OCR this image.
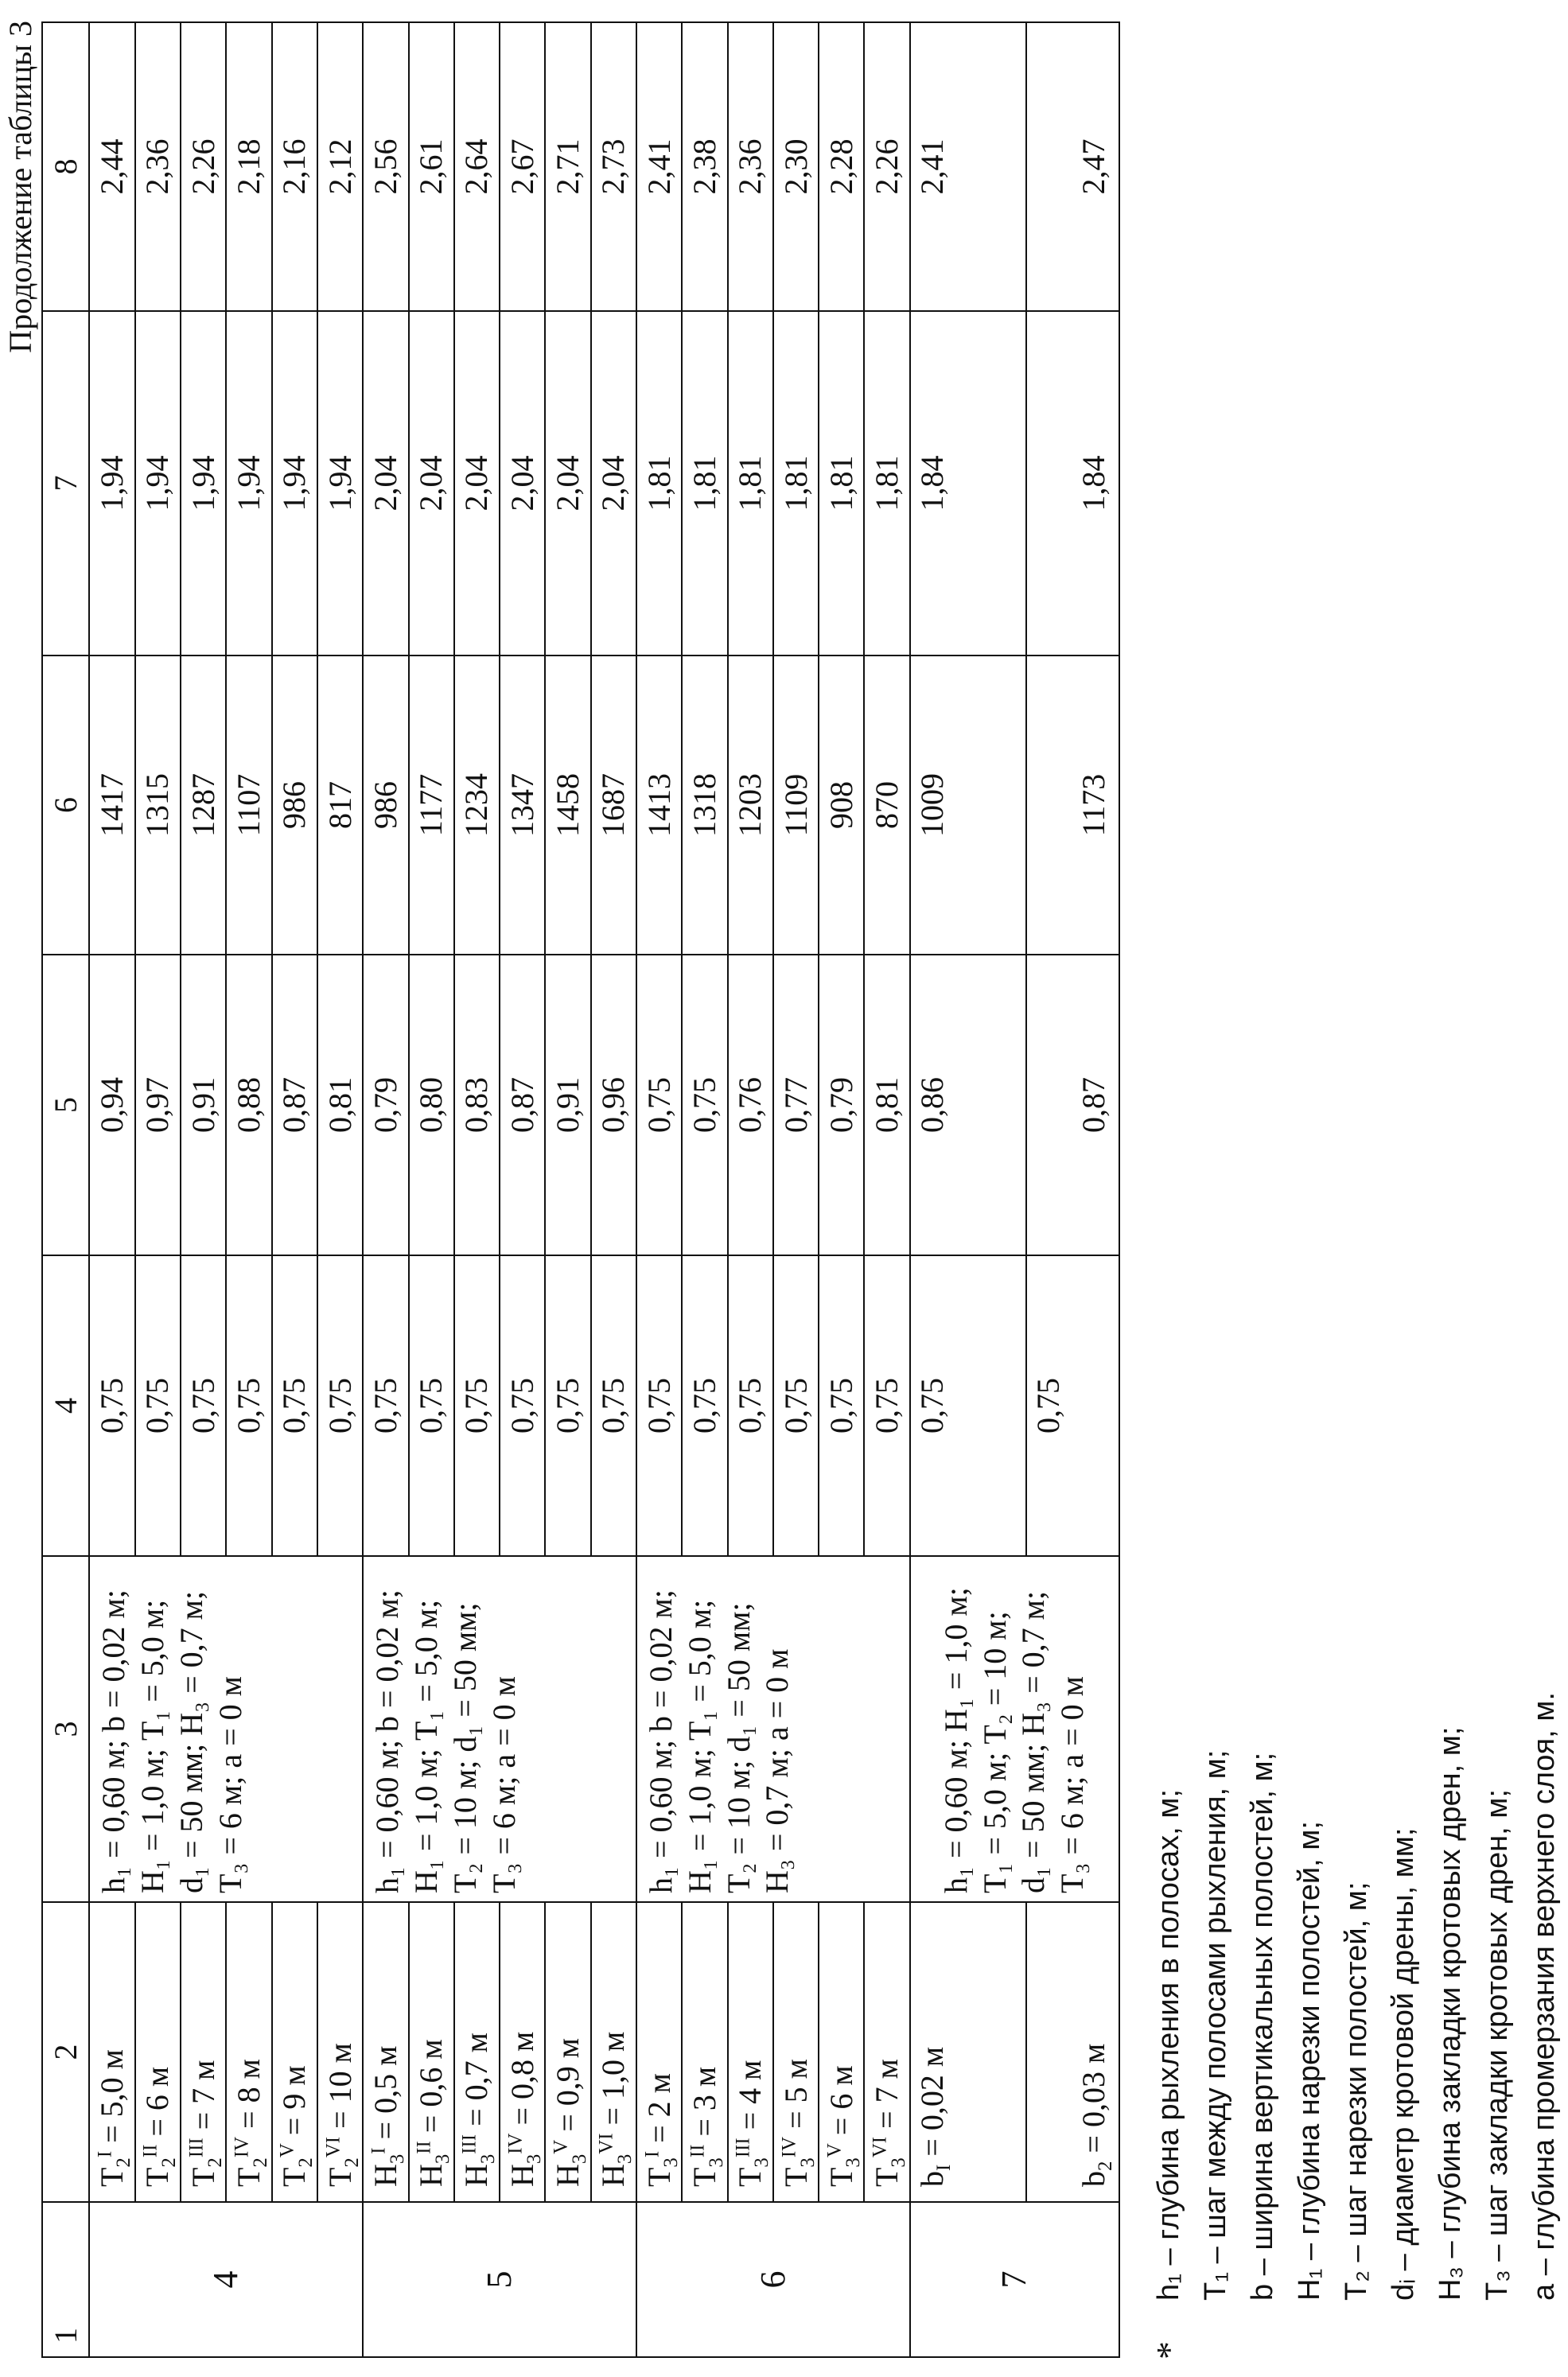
Продолжение таблицы 3
1	2	3	4	5	6	7	8
4	T2I = 5,0 м	
h₁ = 0,60 м; b = 0,02 м; H₁ = 1,0 м; T₁ = 5,0 м; d₁ = 50 мм; H₃ = 0,7 м; T₃ = 6 м; a = 0 м
	0,75	0,94	1417	1,94	2,44
T2II = 6 м	0,75	0,97	1315	1,94	2,36
T2III = 7 м	0,75	0,91	1287	1,94	2,26
T2IV = 8 м	0,75	0,88	1107	1,94	2,18
T2V = 9 м	0,75	0,87	986	1,94	2,16
T2VI = 10 м	0,75	0,81	817	1,94	2,12
5	H3I = 0,5 м	
h₁ = 0,60 м; b = 0,02 м; H₁ = 1,0 м; T₁ = 5,0 м; T₂ = 10 м; d₁ = 50 мм; T₃ = 6 м; a = 0 м
	0,75	0,79	986	2,04	2,56
H3II = 0,6 м	0,75	0,80	1177	2,04	2,61
H3III = 0,7 м	0,75	0,83	1234	2,04	2,64
H3IV = 0,8 м	0,75	0,87	1347	2,04	2,67
H3V = 0,9 м	0,75	0,91	1458	2,04	2,71
H3VI = 1,0 м	0,75	0,96	1687	2,04	2,73
6	T3I = 2 м	
h₁ = 0,60 м; b = 0,02 м; H₁ = 1,0 м; T₁ = 5,0 м; T₂ = 10 м; d₁ = 50 мм; H₃ = 0,7 м; a = 0 м
	0,75	0,75	1413	1,81	2,41
T3II = 3 м	0,75	0,75	1318	1,81	2,38
T3III = 4 м	0,75	0,76	1203	1,81	2,36
T3IV = 5 м	0,75	0,77	1109	1,81	2,30
T3V = 6 м	0,75	0,79	908	1,81	2,28
T3VI = 7 м	0,75	0,81	870	1,81	2,26
7	bI = 0,02 м	
h₁ = 0,60 м; H₁ = 1,0 м; T₁ = 5,0 м; T₂ = 10 м; d₁ = 50 мм; H₃ = 0,7 м; T₃ = 6 м; a = 0 м
	0,75	0,86	1009	1,84	2,41
b2 = 0,03 м	0,75	0,87	1173	1,84	2,47
*
h₁ – глубина рыхления в полосах, м; T₁ – шаг между полосами рыхления, м; b – ширина вертикальных полостей, м; H₁ – глубина нарезки полостей, м; T₂ – шаг нарезки полостей, м; dᵢ – диаметр кротовой дрены, мм; H₃ – глубина закладки кротовых дрен, м; T₃ – шаг закладки кротовых дрен, м; a – глубина промерзания верхнего слоя, м.
